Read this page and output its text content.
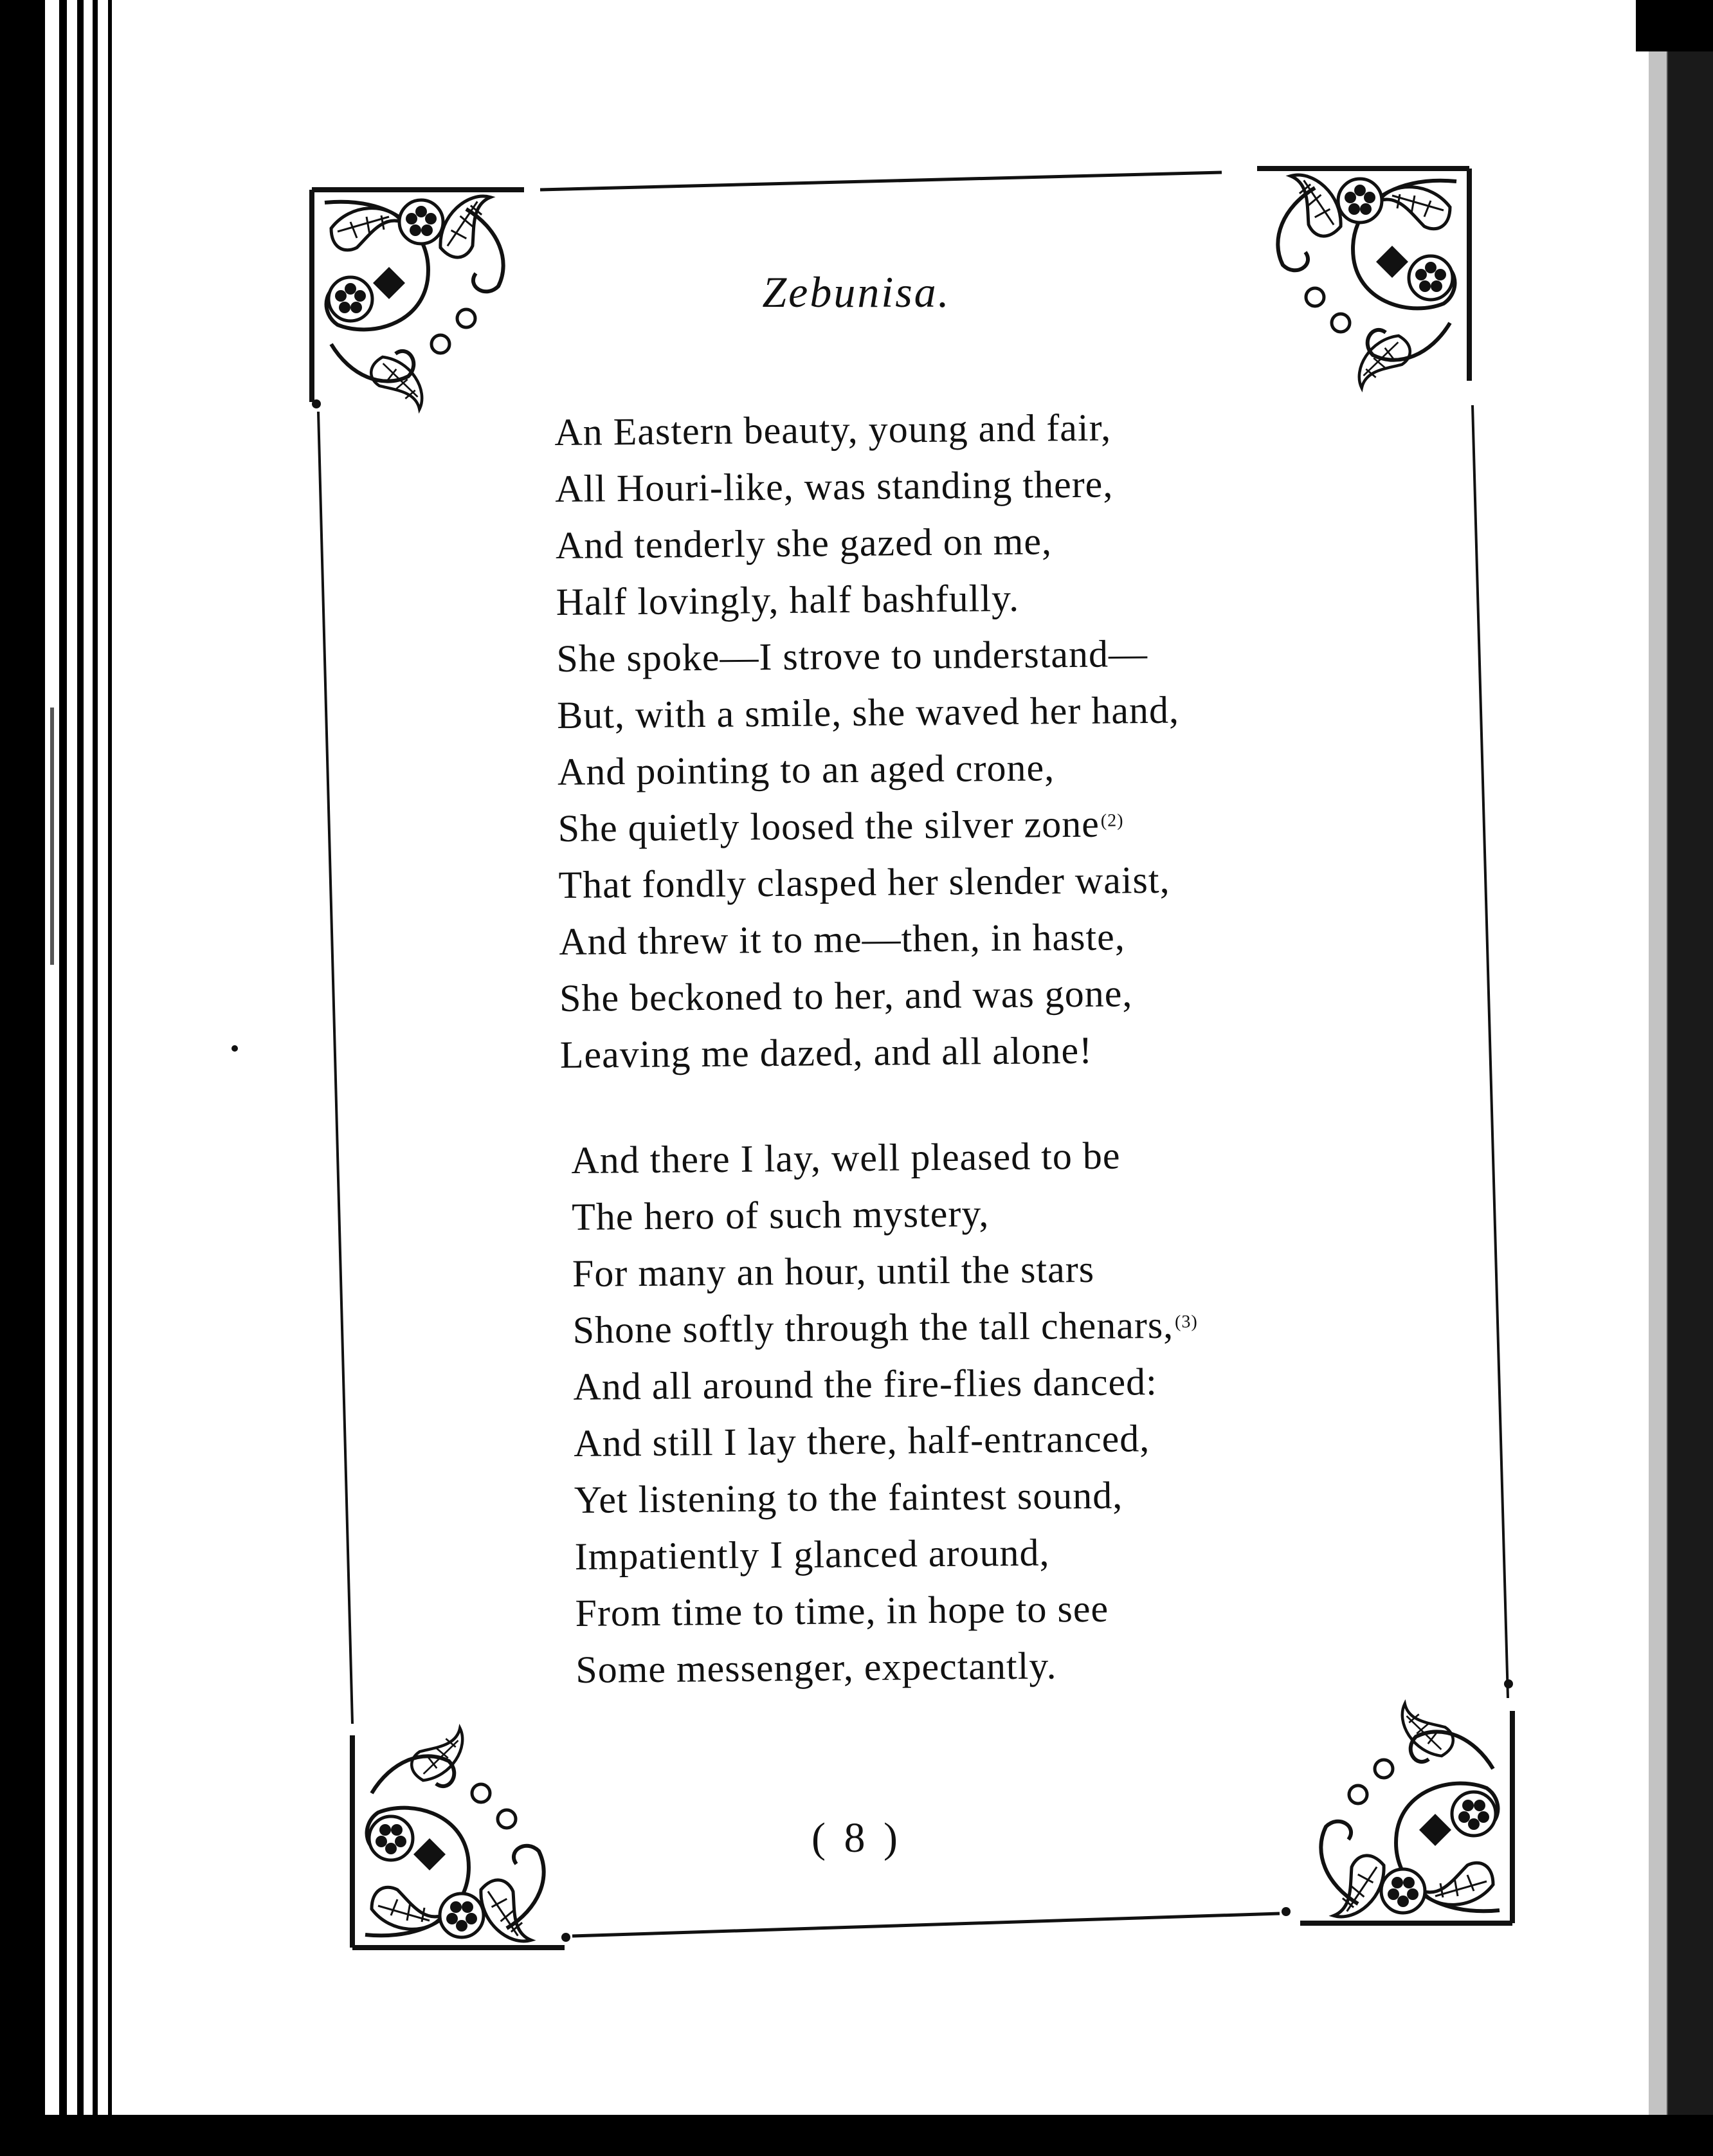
Zebunisa.
An Eastern beauty, young and fair,
All Houri-like, was standing there,
And tenderly she gazed on me,
Half lovingly, half bashfully.
She spoke—I strove to understand—
But, with a smile, she waved her hand,
And pointing to an aged crone,
She quietly loosed the silver zone$^{(2)}$
That fondly clasped her slender waist,
And threw it to me—then, in haste,
She beckoned to her, and was gone,
Leaving me dazed, and all alone!
And there I lay, well pleased to be
The hero of such mystery,
For many an hour, until the stars
Shone softly through the tall chenars,$^{(3)}$
And all around the fire-flies danced:
And still I lay there, half-entranced,
Yet listening to the faintest sound,
Impatiently I glanced around,
From time to time, in hope to see
Some messenger, expectantly.
( 8 )
